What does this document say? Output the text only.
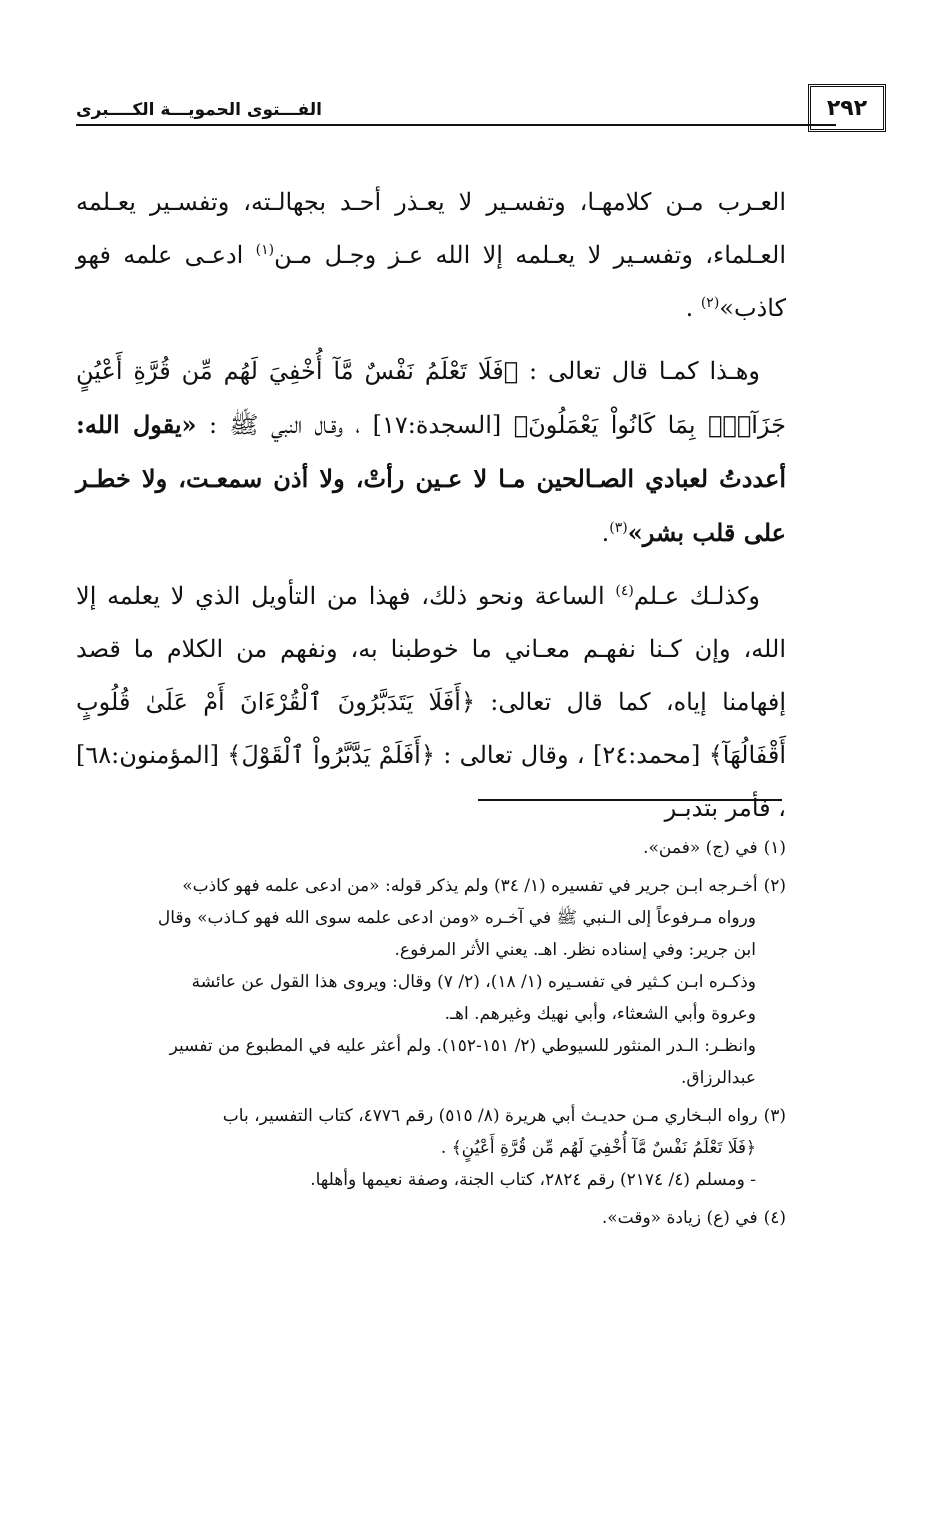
٢٩٢
الفـــتوى الحمويـــة الكــــبرى

العـرب مـن كلامهـا، وتفسـير لا يعـذر أحـد بجهالـته، وتفسـير يعـلمه العـلماء، وتفسـير لا يعـلمه إلا الله عـز وجـل مـن$^{(١)}$ ادعـى علمه فهو كاذب»$^{(٢)}$ .

وهـذا كمـا قال تعالى : ﴿فَلَا تَعْلَمُ نَفْسٌ مَّآ أُخْفِيَ لَهُم مِّن قُرَّةِ أَعْيُنٍ جَزَآءَۢ بِمَا كَانُواْ يَعْمَلُونَ﴾ [السجدة:١٧] ، وقـال النبي ﷺ : «يقول الله: أعددتُ لعبادي الصـالحين مـا لا عـين رأتْ، ولا أذن سمعـت، ولا خطـر على قلب بشر»$^{(٣)}$.

وكذلـك عـلم$^{(٤)}$ الساعة ونحو ذلك، فهذا من التأويل الذي لا يعلمه إلا الله، وإن كـنا نفهـم معـاني ما خوطبنا به، ونفهم من الكلام ما قصد إفهامنا إياه، كما قال تعالى: ﴿أَفَلَا يَتَدَبَّرُونَ ٱلْقُرْءَانَ أَمْ عَلَىٰ قُلُوبٍ أَقْفَالُهَآ﴾ [محمد:٢٤] ، وقال تعالى : ﴿أَفَلَمْ يَدَّبَّرُواْ ٱلْقَوْلَ﴾ [المؤمنون:٦٨] ، فأمر بتدبـر

(١)في (ج) «فمن».
(٢)أخـرجه ابـن جرير في تفسيره (١/ ٣٤) ولم يذكر قوله: «من ادعى علمه فهو كاذب»
ورواه مـرفوعاً إلى الـنبي ﷺ في آخـره «ومن ادعى علمه سوى الله فهو كـاذب» وقال
ابن جرير: وفي إسناده نظر. اهـ. يعني الأثر المرفوع.
وذكـره ابـن كـثير في تفسـيره (١/ ١٨)، (٢/ ٧) وقال: ويروى هذا القول عن عائشة
وعروة وأبي الشعثاء، وأبي نهيك وغيرهم. اهـ.
وانظـر: الـدر المنثور للسيوطي (٢/ ١٥١-١٥٢). ولم أعثر عليه في المطبوع من تفسير
عبدالرزاق.
(٣)رواه البـخاري مـن حديـث أبي هريرة (٨/ ٥١٥) رقم ٤٧٧٦، كتاب التفسير، باب
﴿فَلَا تَعْلَمُ نَفْسٌ مَّآ أُخْفِيَ لَهُم مِّن قُرَّةِ أَعْيُنٍ﴾ .
- ومسلم (٤/ ٢١٧٤) رقم ٢٨٢٤، كتاب الجنة، وصفة نعيمها وأهلها.
(٤)في (ع) زيادة «وقت».
